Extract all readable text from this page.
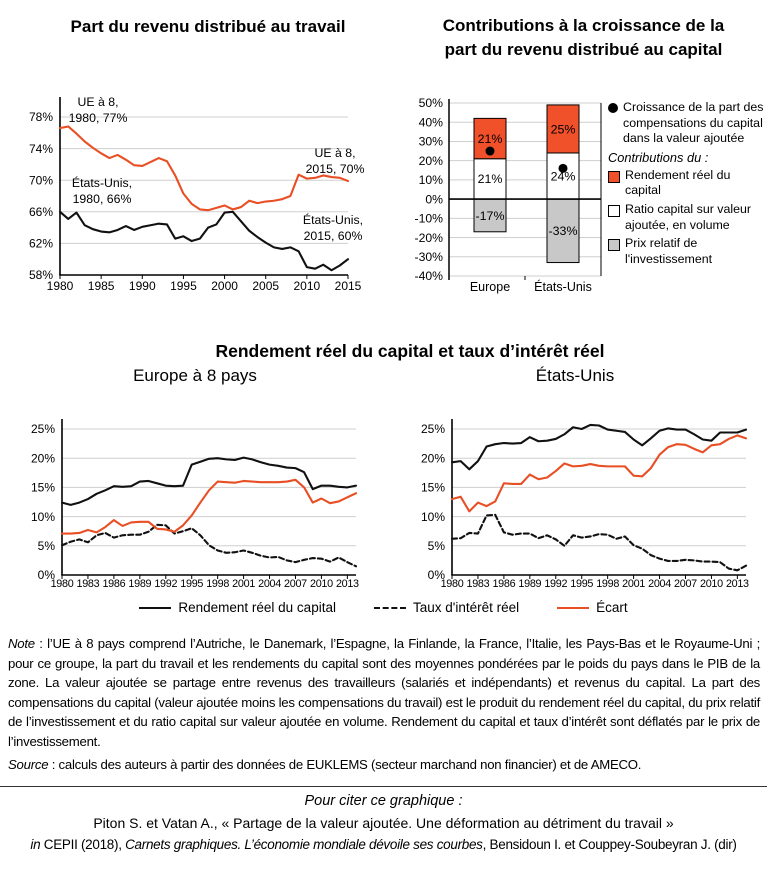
Part du revenu distribué au travail	Contributions à la croissance de la
part du revenu distribué au capital
78%
74%
70%
66%
62%
58%
1980 1985 1990 1995 2000 2005 2010 2015
UE à 8,
1980, 77%
États-Unis,
1980, 66%
UE à 8,
2015, 70%
États-Unis,
2015, 60%
50%
40%
30%
20%
10%
0%
-10%
-20%
-30%
-40%
Europe États-Unis
21%
21%
-17%
24%
25%
-33%
Croissance de la part des compensations du capital dans la valeur ajoutée
Contributions du :
Rendement réel du capital
Ratio capital sur valeur ajoutée, en volume
Prix relatif de l'investissement
Rendement réel du capital et taux d’intérêt réel
Europe à 8 pays	États-Unis
25%
20%
15%
10%
5%
0%
1980 1983 1986 1989 1992 1995 1998 2001 2004 2007 2010 2013
25%
20%
15%
10%
5%
0%
1980 1983 1986 1989 1992 1995 1998 2001 2004 2007 2010 2013
Rendement réel du capital	Taux d'intérêt réel	Écart

Note : l’UE à 8 pays comprend l’Autriche, le Danemark, l’Espagne, la Finlande, la France, l’Italie, les Pays-Bas et le Royaume-Uni ; pour ce groupe, la part du travail et les rendements du capital sont des moyennes pondérées par le poids du pays dans le PIB de la zone. La valeur ajoutée se partage entre revenus des travailleurs (salariés et indépendants) et revenus du capital. La part des compensations du capital (valeur ajoutée moins les compensations du travail) est le produit du rendement réel du capital, du prix relatif de l’investissement et du ratio capital sur valeur ajoutée en volume. Rendement du capital et taux d’intérêt sont déflatés par le prix de l’investissement.

Source : calculs des auteurs à partir des données de EUKLEMS (secteur marchand non financier) et de AMECO.

Pour citer ce graphique :
Piton S. et Vatan A., « Partage de la valeur ajoutée. Une déformation au détriment du travail »
in CEPII (2018), Carnets graphiques. L’économie mondiale dévoile ses courbes, Bensidoun I. et Couppey-Soubeyran J. (dir)
